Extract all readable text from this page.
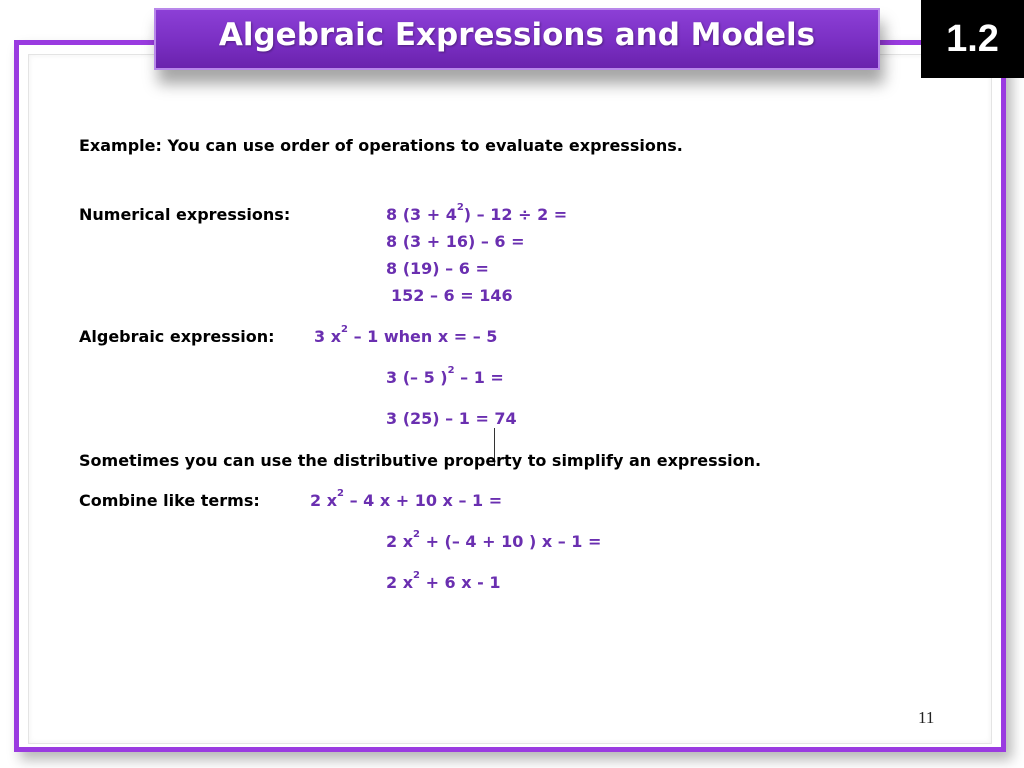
Algebraic Expressions and Models	1.2
Example: You can use order of operations to evaluate expressions.
Numerical expressions:	8 $(3 + 4^2) - 12 \div 2$ =
8 (3 + 16) – 6 =
8 (19) – 6 =
152 – 6 = 146
Algebraic expression: 3 $x^2 - 1$ when x = – 5
3 (– 5 )$^2$ – 1 =
3 (25) – 1 = 74
Sometimes you can use the distributive property to simplify an expression.
Combine like terms:	2 $x^2 - 4$ x + 10 x – 1 =
2 $x^2$ + (– 4 + 10 ) x – 1 =
2 $x^2 + 6$ x - 1
11
